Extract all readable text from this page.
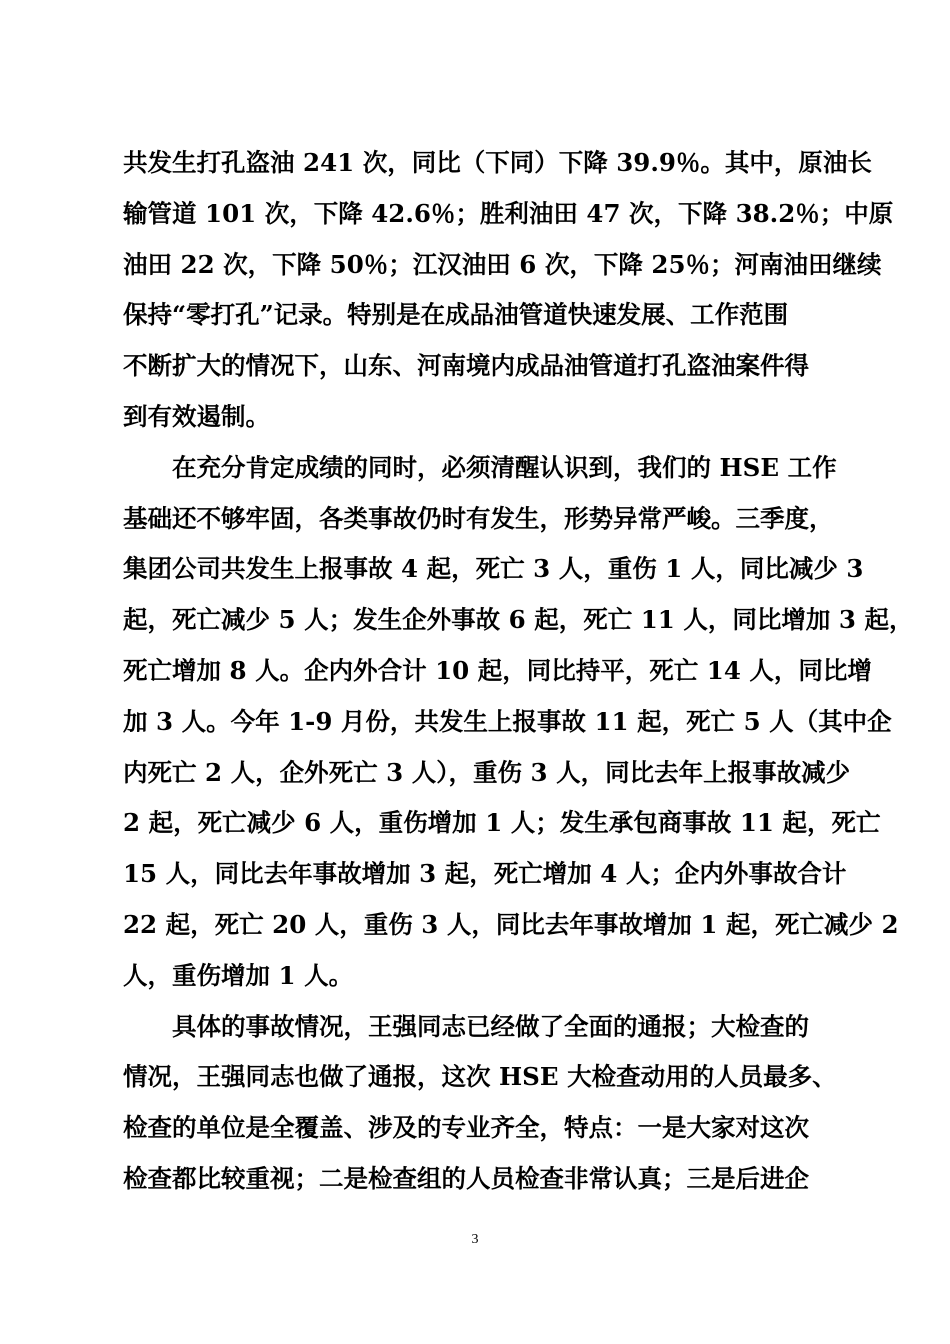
共发生打孔盗油 241 次，同比（下同）下降 39.9％。其中，原油长
输管道 101 次，下降 42.6％；胜利油田 47 次，下降 38.2％；中原
油田 22 次，下降 50％；江汉油田 6 次，下降 25％；河南油田继续
保持“零打孔”记录。特别是在成品油管道快速发展、工作范围
不断扩大的情况下，山东、河南境内成品油管道打孔盗油案件得
到有效遏制。
在充分肯定成绩的同时，必须清醒认识到，我们的 HSE 工作
基础还不够牢固，各类事故仍时有发生，形势异常严峻。三季度，
集团公司共发生上报事故 4 起，死亡 3 人，重伤 1 人，同比减少 3
起，死亡减少 5 人；发生企外事故 6 起，死亡 11 人，同比增加 3 起，
死亡增加 8 人。企内外合计 10 起，同比持平，死亡 14 人，同比增
加 3 人。今年 1-9 月份，共发生上报事故 11 起，死亡 5 人（其中企
内死亡 2 人，企外死亡 3 人），重伤 3 人，同比去年上报事故减少
2 起，死亡减少 6 人，重伤增加 1 人；发生承包商事故 11 起，死亡
15 人，同比去年事故增加 3 起，死亡增加 4 人；企内外事故合计
22 起，死亡 20 人，重伤 3 人，同比去年事故增加 1 起，死亡减少 2
人，重伤增加 1 人。
具体的事故情况，王强同志已经做了全面的通报；大检查的
情况，王强同志也做了通报，这次 HSE 大检查动用的人员最多、
检查的单位是全覆盖、涉及的专业齐全，特点：一是大家对这次
检查都比较重视；二是检查组的人员检查非常认真；三是后进企
3
